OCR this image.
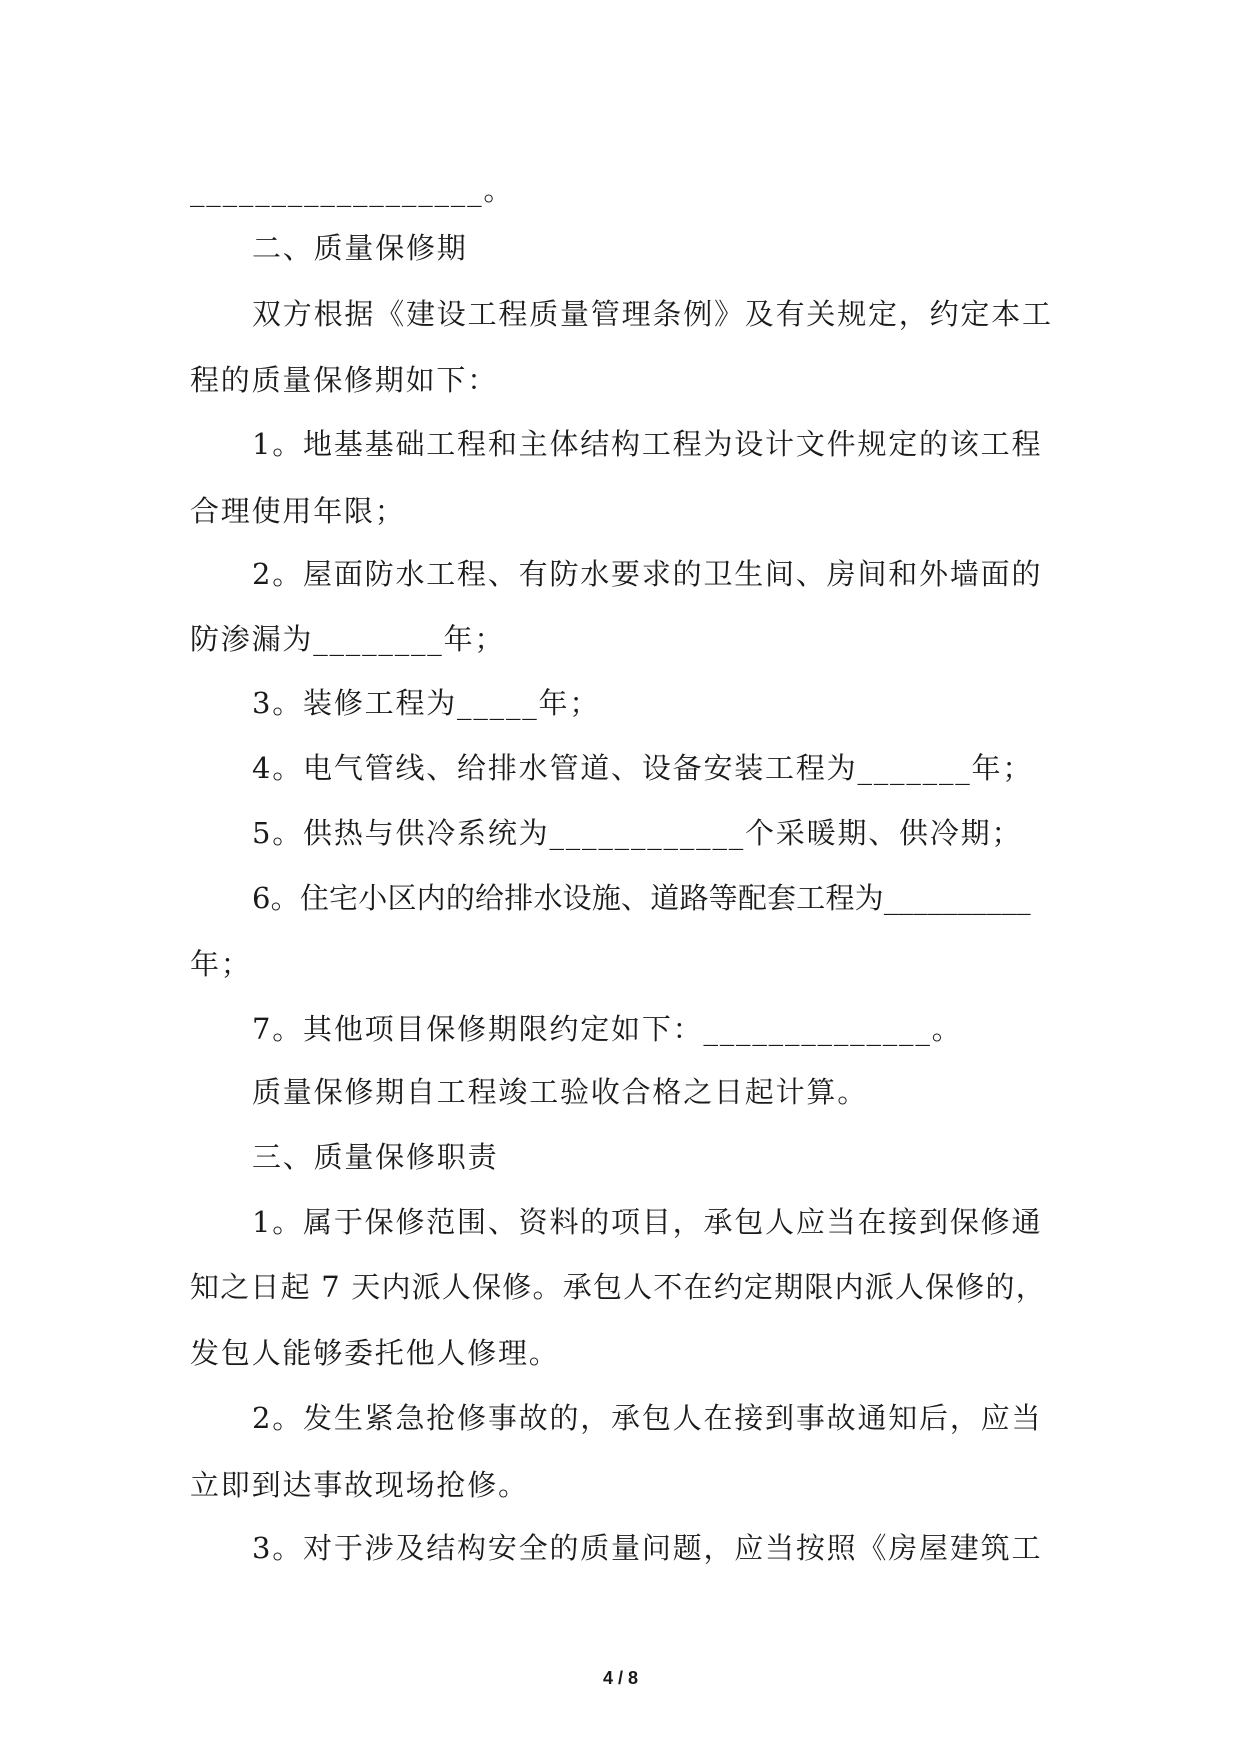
__________________。
二、质量保修期
双方根据《建设工程质量管理条例》及有关规定，约定本工
程的质量保修期如下：
1。地基基础工程和主体结构工程为设计文件规定的该工程
合理使用年限；
2。屋面防水工程、有防水要求的卫生间、房间和外墙面的
防渗漏为________年；
3。装修工程为_____年；
4。电气管线、给排水管道、设备安装工程为_______年；
5。供热与供冷系统为____________个采暖期、供冷期；
6。住宅小区内的给排水设施、道路等配套工程为__________
年；
7。其他项目保修期限约定如下：______________。
质量保修期自工程竣工验收合格之日起计算。
三、质量保修职责
1。属于保修范围、资料的项目，承包人应当在接到保修通
知之日起 7 天内派人保修。承包人不在约定期限内派人保修的，
发包人能够委托他人修理。
2。发生紧急抢修事故的，承包人在接到事故通知后，应当
立即到达事故现场抢修。
3。对于涉及结构安全的质量问题，应当按照《房屋建筑工
4 / 8
